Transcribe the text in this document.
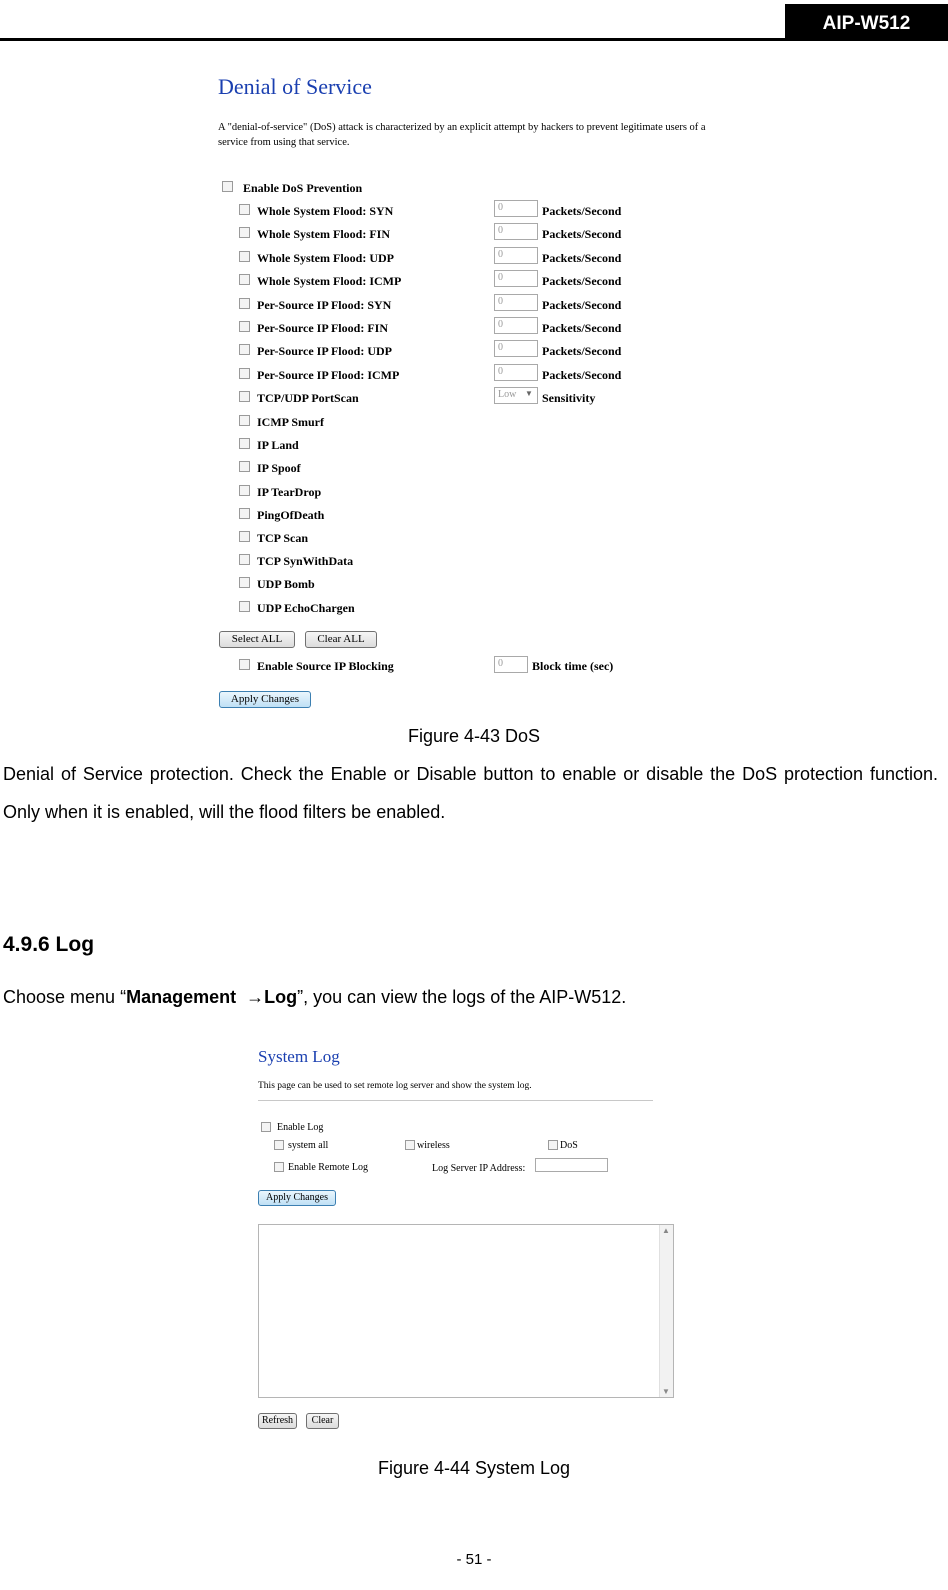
AIP-W512
Denial of Service
A "denial-of-service" (DoS) attack is characterized by an explicit attempt by hackers to prevent legitimate users of a service from using that service.
Enable DoS Prevention
Whole System Flood: SYN	0	Packets/Second
Whole System Flood: FIN	0	Packets/Second
Whole System Flood: UDP	0	Packets/Second
Whole System Flood: ICMP	0	Packets/Second
Per-Source IP Flood: SYN	0	Packets/Second
Per-Source IP Flood: FIN	0	Packets/Second
Per-Source IP Flood: UDP	0	Packets/Second
Per-Source IP Flood: ICMP	0	Packets/Second
TCP/UDP PortScan	Low ▼ Sensitivity
ICMP Smurf
IP Land
IP Spoof
IP TearDrop
PingOfDeath
TCP Scan
TCP SynWithData
UDP Bomb
UDP EchoChargen
Select ALL	Clear ALL
Enable Source IP Blocking	0	Block time (sec)
Apply Changes
Figure 4-43 DoS
Denial of Service protection. Check the Enable or Disable button to enable or disable the DoS protection function. Only when it is enabled, will the flood filters be enabled.
4.9.6 Log
Choose menu “Management →Log”, you can view the logs of the AIP-W512.
System Log
This page can be used to set remote log server and show the system log.
Enable Log
system all	wireless	DoS
Enable Remote Log	Log Server IP Address:
Apply Changes
▲
▼
Refresh	Clear
Figure 4-44 System Log
- 51 -
